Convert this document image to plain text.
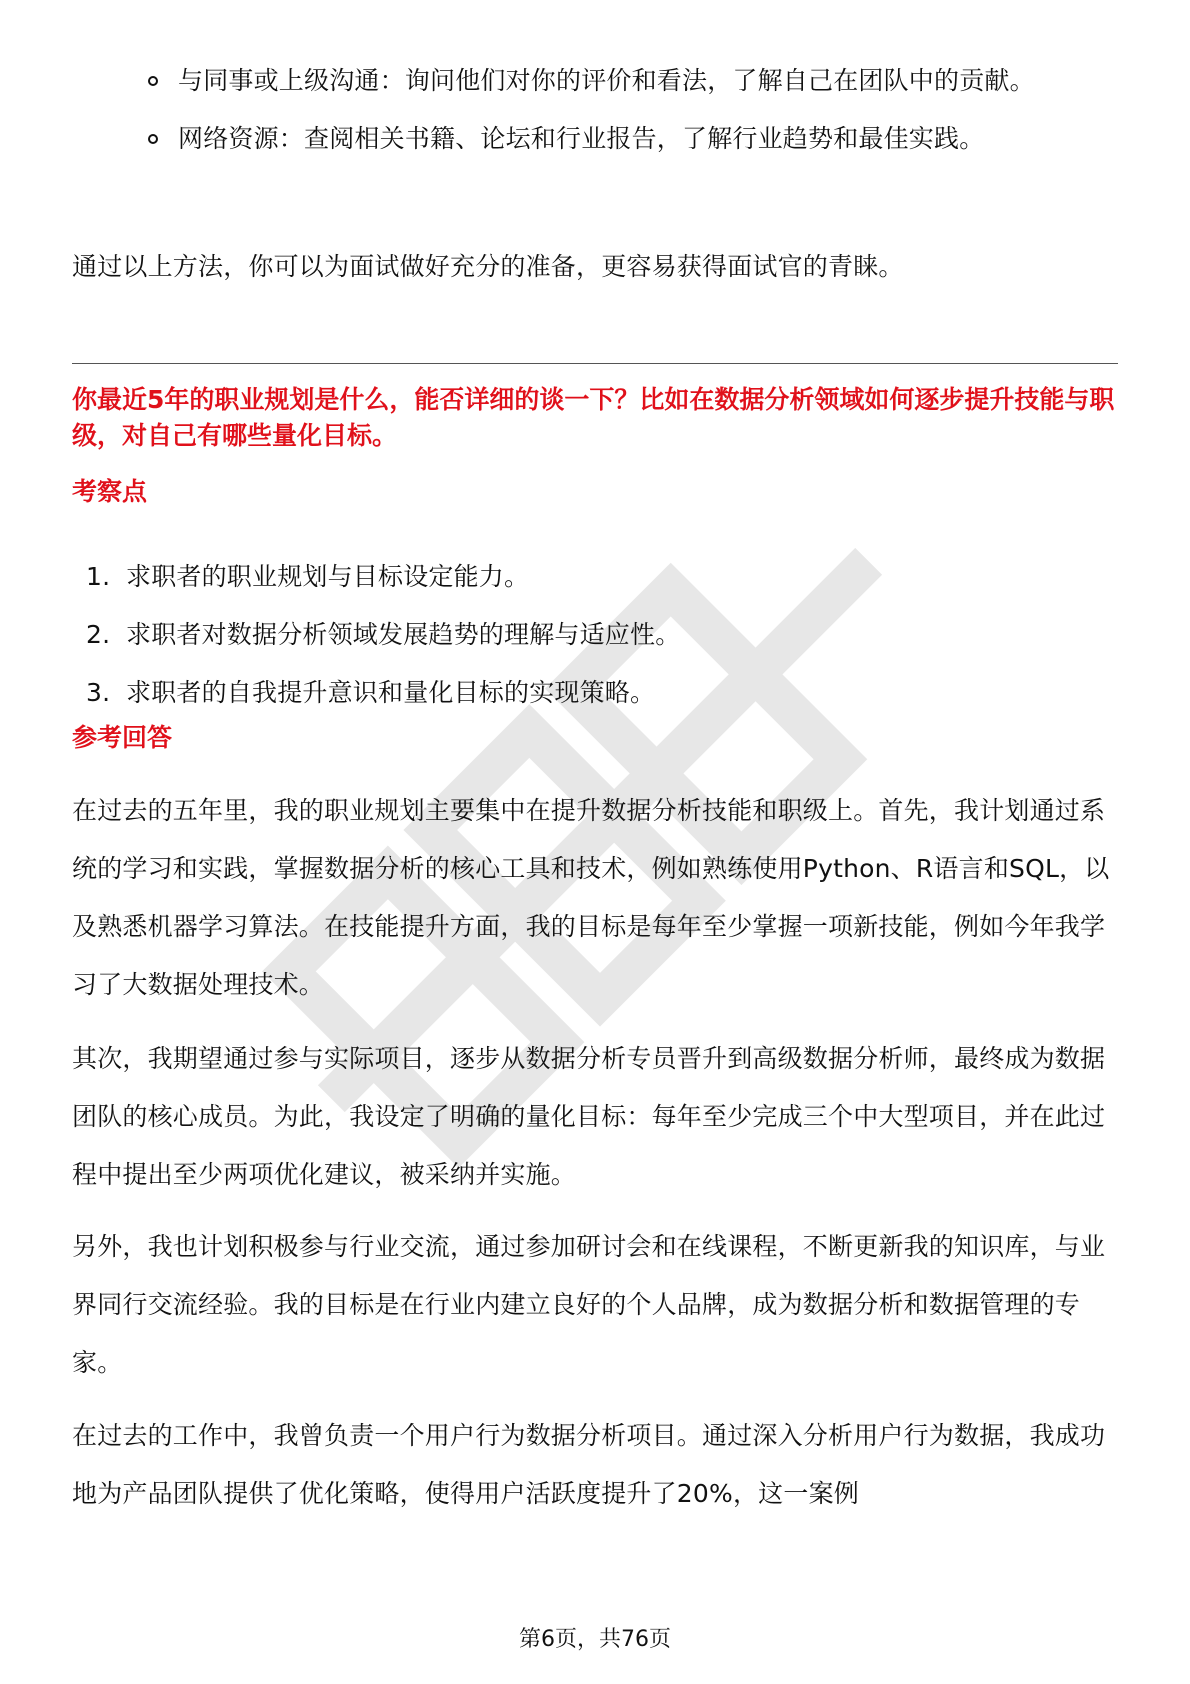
与同事或上级沟通：询问他们对你的评价和看法，了解自己在团队中的贡献。
网络资源：查阅相关书籍、论坛和行业报告，了解行业趋势和最佳实践。

通过以上方法，你可以为面试做好充分的准备，更容易获得面试官的青睐。

你最近5年的职业规划是什么，能否详细的谈一下？比如在数据分析领域如何逐步提升技能与职级，对自己有哪些量化目标。

考察点

1. 求职者的职业规划与目标设定能力。
2. 求职者对数据分析领域发展趋势的理解与适应性。
3. 求职者的自我提升意识和量化目标的实现策略。

参考回答

在过去的五年里，我的职业规划主要集中在提升数据分析技能和职级上。首先，我计划通过系统的学习和实践，掌握数据分析的核心工具和技术，例如熟练使用Python、R语言和SQL，以及熟悉机器学习算法。在技能提升方面，我的目标是每年至少掌握一项新技能，例如今年我学习了大数据处理技术。

其次，我期望通过参与实际项目，逐步从数据分析专员晋升到高级数据分析师，最终成为数据团队的核心成员。为此，我设定了明确的量化目标：每年至少完成三个中大型项目，并在此过程中提出至少两项优化建议，被采纳并实施。

另外，我也计划积极参与行业交流，通过参加研讨会和在线课程，不断更新我的知识库，与业界同行交流经验。我的目标是在行业内建立良好的个人品牌，成为数据分析和数据管理的专家。

在过去的工作中，我曾负责一个用户行为数据分析项目。通过深入分析用户行为数据，我成功地为产品团队提供了优化策略，使得用户活跃度提升了20%，这一案例

第6页，共76页
